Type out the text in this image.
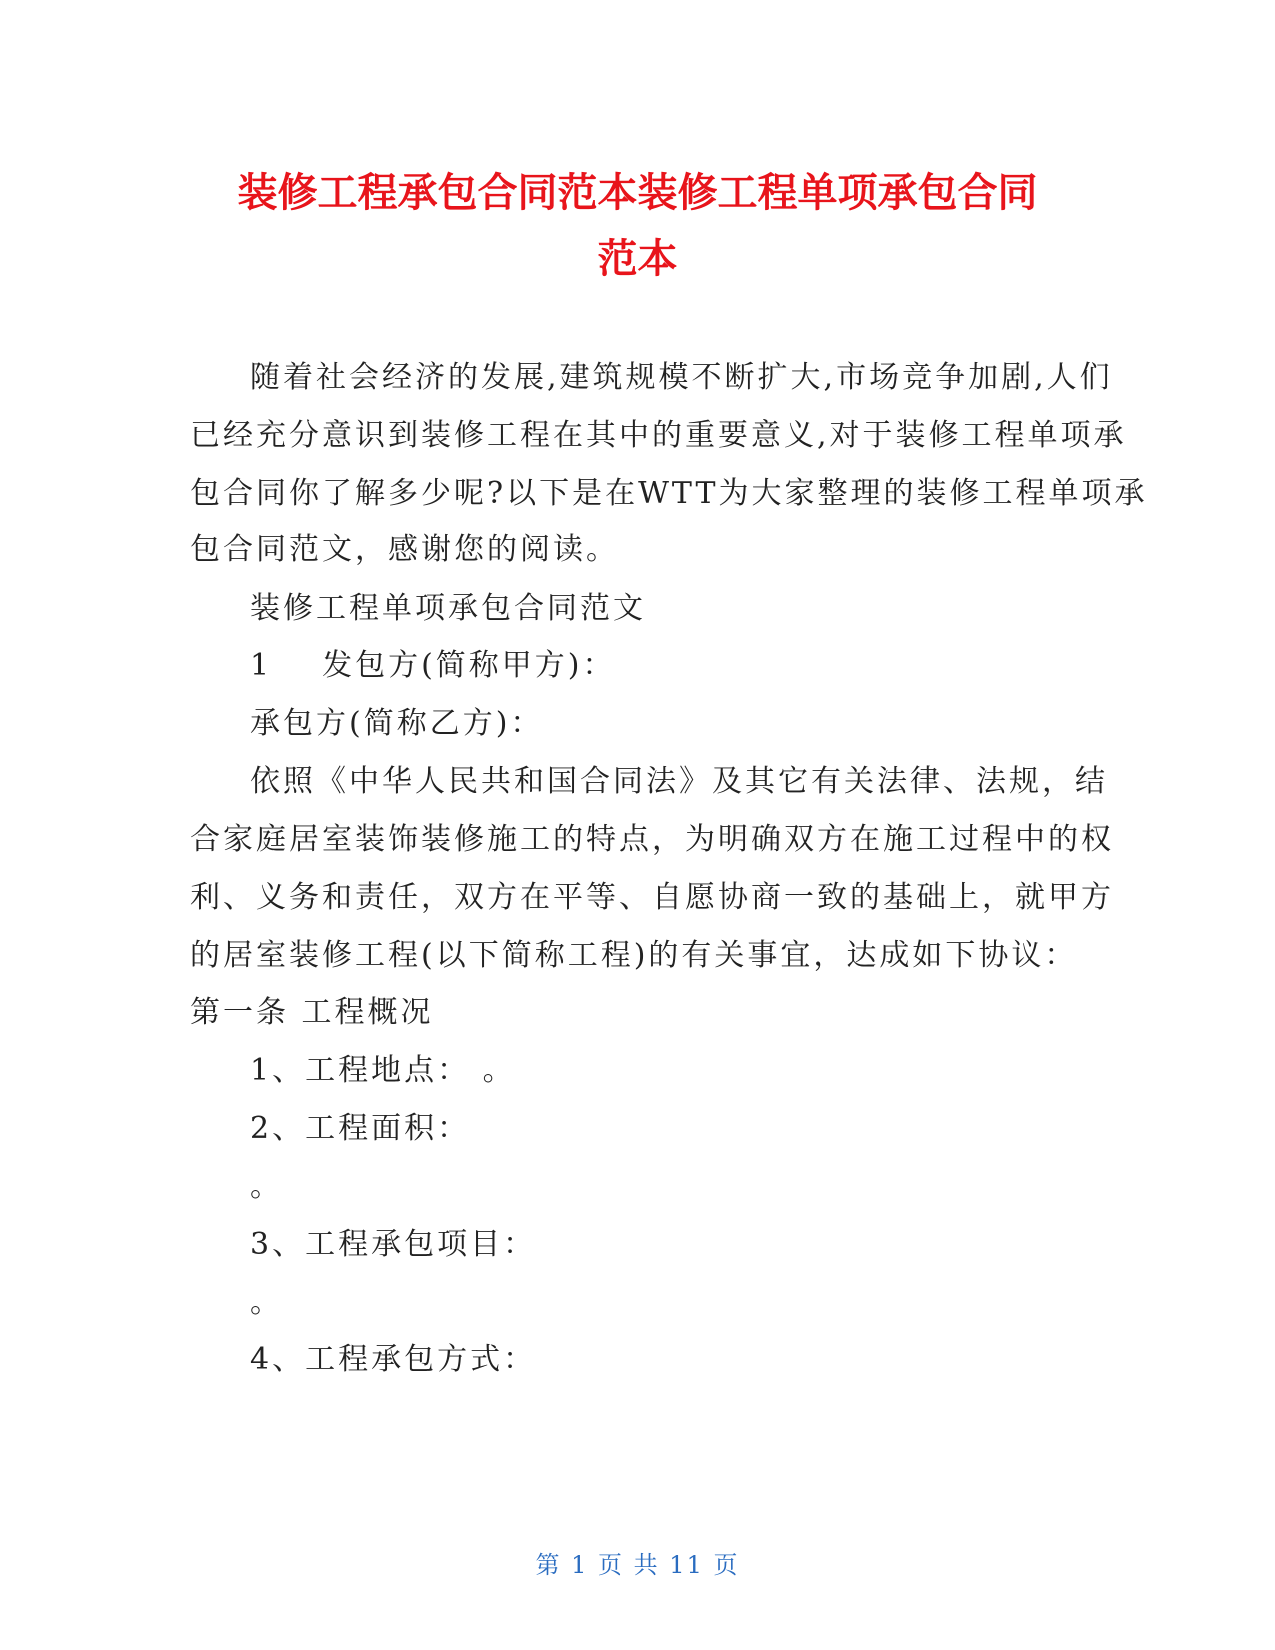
装修工程承包合同范本装修工程单项承包合同
范本
随着社会经济的发展,建筑规模不断扩大,市场竞争加剧,人们
已经充分意识到装修工程在其中的重要意义,对于装修工程单项承
包合同你了解多少呢?以下是在WTT为大家整理的装修工程单项承
包合同范文，感谢您的阅读。
装修工程单项承包合同范文
1 发包方(简称甲方)：
承包方(简称乙方)：
依照《中华人民共和国合同法》及其它有关法律、法规，结
合家庭居室装饰装修施工的特点，为明确双方在施工过程中的权
利、义务和责任，双方在平等、自愿协商一致的基础上，就甲方
的居室装修工程(以下简称工程)的有关事宜，达成如下协议：
第一条 工程概况
1、工程地点： 。
2、工程面积：
。
3、工程承包项目：
。
4、工程承包方式：
第 1 页 共 11 页
